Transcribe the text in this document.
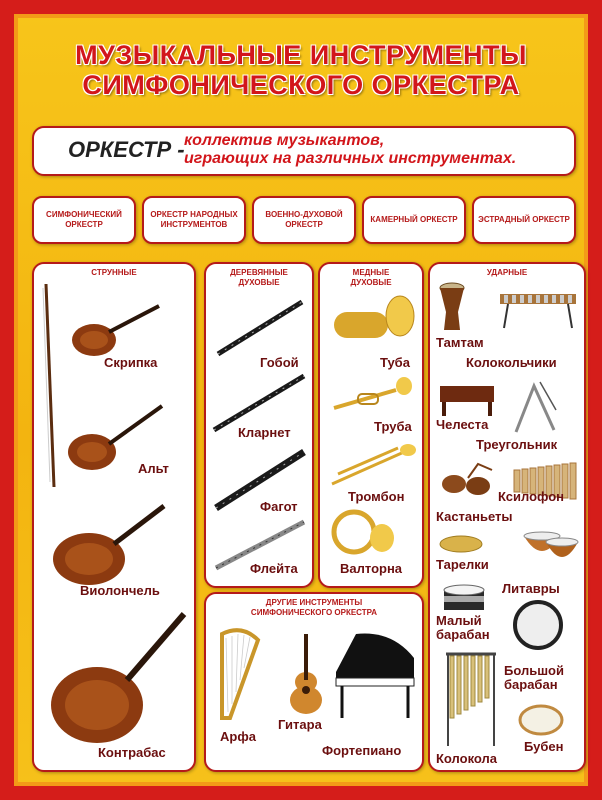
МУЗЫКАЛЬНЫЕ ИНСТРУМЕНТЫ
СИМФОНИЧЕСКОГО ОРКЕСТРА
ОРКЕСТР - коллектив музыкантов,
играющих на различных инструментах.
СИМФОНИЧЕСКИЙ ОРКЕСТР
ОРКЕСТР НАРОДНЫХ ИНСТРУМЕНТОВ
ВОЕННО-ДУХОВОЙ ОРКЕСТР
КАМЕРНЫЙ ОРКЕСТР	ЭСТРАДНЫЙ ОРКЕСТР
СТРУННЫЕ
Скрипка
Альт
Виолончель
Контрабас
ДЕРЕВЯННЫЕ
ДУХОВЫЕ
Гобой
Кларнет
Фагот
Флейта
МЕДНЫЕ
ДУХОВЫЕ
Туба
Труба
Тромбон
Валторна
УДАРНЫЕ
Тамтам
Колокольчики
Челеста
Треугольник
Ксилофон
Кастаньеты
Тарелки
Литавры
Малый
барабан
Большой
барабан
Колокола
Бубен
ДРУГИЕ ИНСТРУМЕНТЫ
СИМФОНИЧЕСКОГО ОРКЕСТРА
Арфа
Гитара
Фортепиано
